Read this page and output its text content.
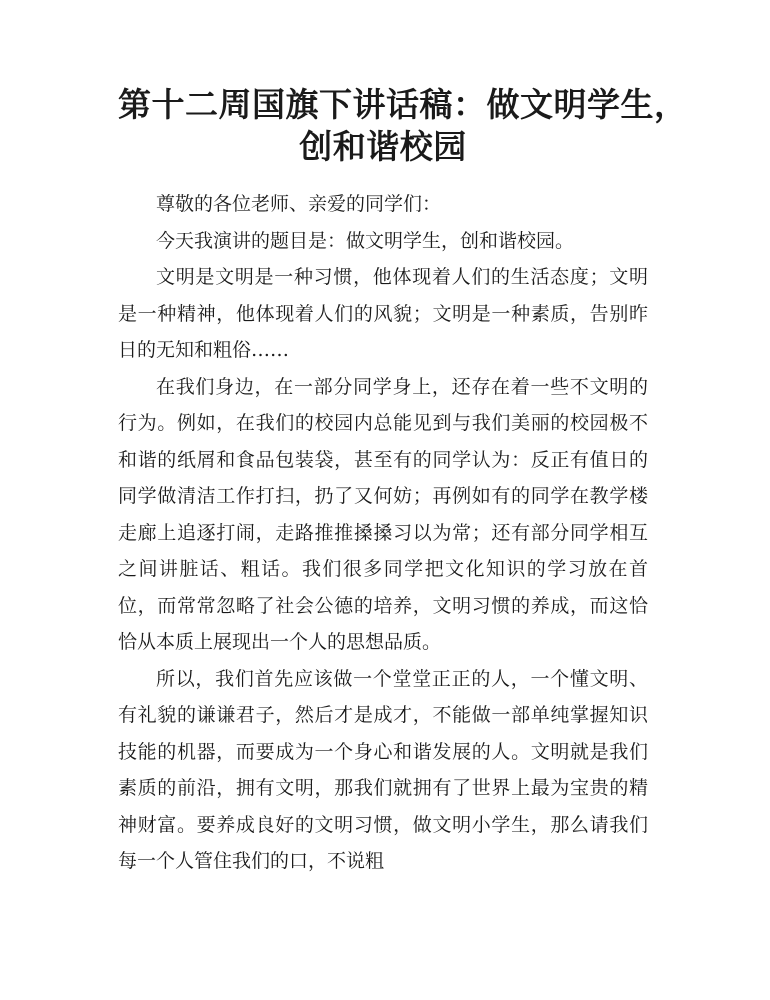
第十二周国旗下讲话稿：做文明学生，
创和谐校园

尊敬的各位老师、亲爱的同学们：

今天我演讲的题目是：做文明学生，创和谐校园。

文明是文明是一种习惯，他体现着人们的生活态度；文明是一种精神，他体现着人们的风貌；文明是一种素质，告别昨日的无知和粗俗……

在我们身边，在一部分同学身上，还存在着一些不文明的行为。例如，在我们的校园内总能见到与我们美丽的校园极不和谐的纸屑和食品包装袋，甚至有的同学认为：反正有值日的同学做清洁工作打扫，扔了又何妨；再例如有的同学在教学楼走廊上追逐打闹，走路推推搡搡习以为常；还有部分同学相互之间讲脏话、粗话。我们很多同学把文化知识的学习放在首位，而常常忽略了社会公德的培养，文明习惯的养成，而这恰恰从本质上展现出一个人的思想品质。

所以，我们首先应该做一个堂堂正正的人，一个懂文明、有礼貌的谦谦君子，然后才是成才，不能做一部单纯掌握知识技能的机器，而要成为一个身心和谐发展的人。文明就是我们素质的前沿，拥有文明，那我们就拥有了世界上最为宝贵的精神财富。要养成良好的文明习惯，做文明小学生，那么请我们每一个人管住我们的口，不说粗
